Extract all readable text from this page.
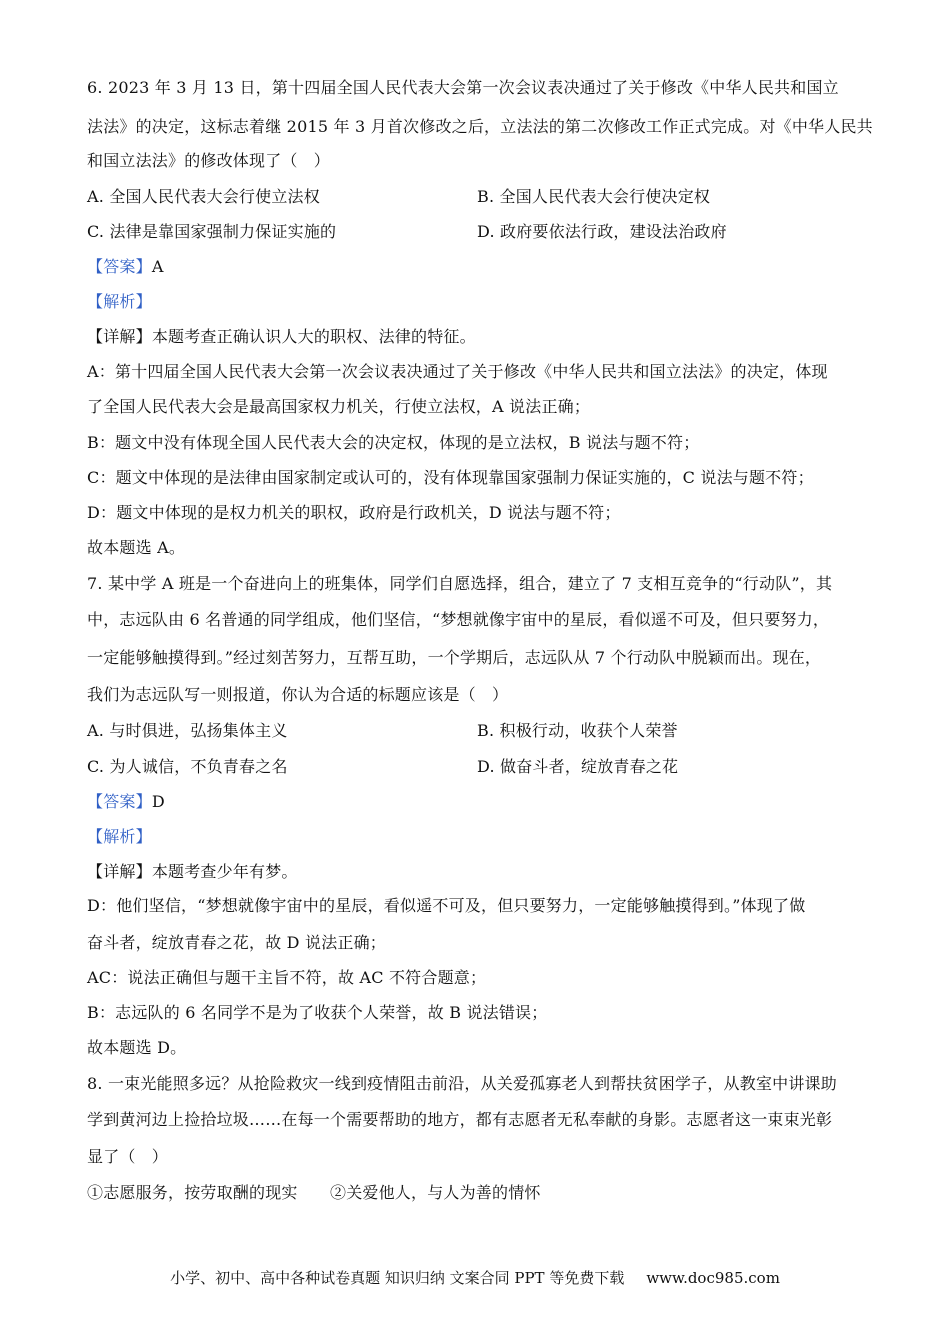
6. 2023 年 3 月 13 日，第十四届全国人民代表大会第一次会议表决通过了关于修改《中华人民共和国立
法法》的决定，这标志着继 2015 年 3 月首次修改之后，立法法的第二次修改工作正式完成。对《中华人民共
和国立法法》的修改体现了（　）
A. 全国人民代表大会行使立法权	B. 全国人民代表大会行使决定权
C. 法律是靠国家强制力保证实施的	D. 政府要依法行政，建设法治政府
【答案】A
【解析】
【详解】本题考查正确认识人大的职权、法律的特征。
A：第十四届全国人民代表大会第一次会议表决通过了关于修改《中华人民共和国立法法》的决定，体现
了全国人民代表大会是最高国家权力机关，行使立法权，A 说法正确；
B：题文中没有体现全国人民代表大会的决定权，体现的是立法权，B 说法与题不符；
C：题文中体现的是法律由国家制定或认可的，没有体现靠国家强制力保证实施的，C 说法与题不符；
D：题文中体现的是权力机关的职权，政府是行政机关，D 说法与题不符；
故本题选 A。
7. 某中学 A 班是一个奋进向上的班集体，同学们自愿选择，组合，建立了 7 支相互竞争的“行动队”，其
中，志远队由 6 名普通的同学组成，他们坚信，“梦想就像宇宙中的星辰，看似遥不可及，但只要努力，
一定能够触摸得到。”经过刻苦努力，互帮互助，一个学期后，志远队从 7 个行动队中脱颖而出。现在，
我们为志远队写一则报道，你认为合适的标题应该是（　）
A. 与时俱进，弘扬集体主义	B. 积极行动，收获个人荣誉
C. 为人诚信，不负青春之名	D. 做奋斗者，绽放青春之花
【答案】D
【解析】
【详解】本题考查少年有梦。
D：他们坚信，“梦想就像宇宙中的星辰，看似遥不可及，但只要努力，一定能够触摸得到。”体现了做
奋斗者，绽放青春之花，故 D 说法正确；
AC：说法正确但与题干主旨不符，故 AC 不符合题意；
B：志远队的 6 名同学不是为了收获个人荣誉，故 B 说法错误；
故本题选 D。
8. 一束光能照多远？从抢险救灾一线到疫情阻击前沿，从关爱孤寡老人到帮扶贫困学子，从教室中讲课助
学到黄河边上捡拾垃圾……在每一个需要帮助的地方，都有志愿者无私奉献的身影。志愿者这一束束光彰
显了（　）
①志愿服务，按劳取酬的现实　　②关爱他人，与人为善的情怀
小学、初中、高中各种试卷真题 知识归纳 文案合同 PPT 等免费下载 www.doc985.com
